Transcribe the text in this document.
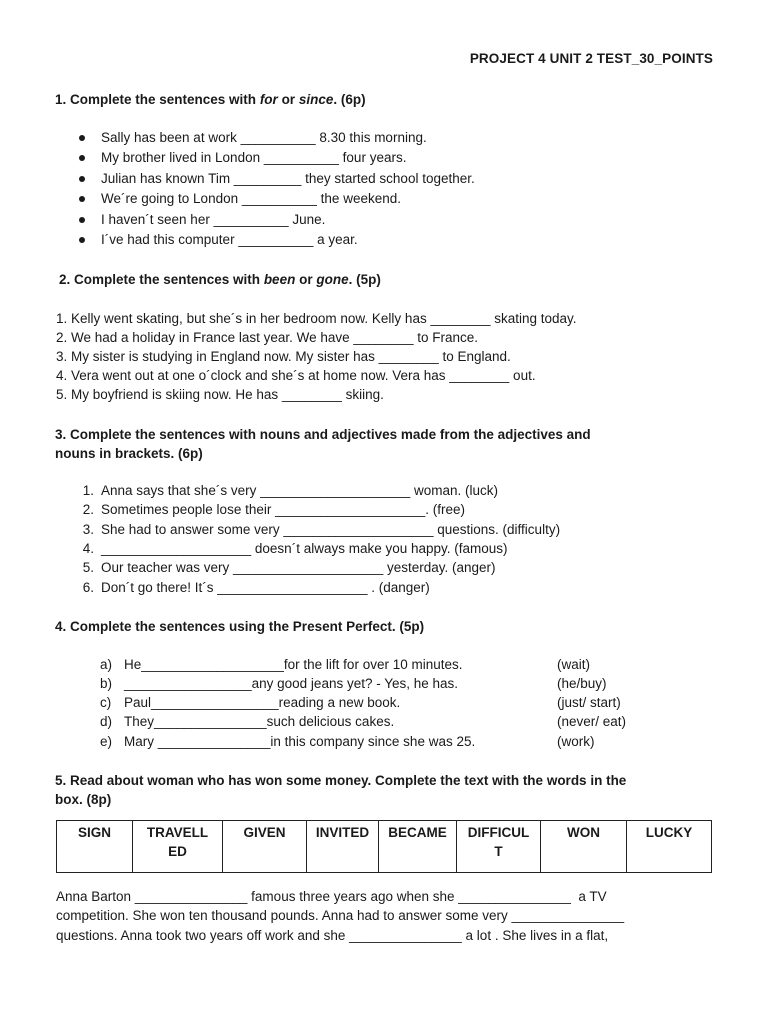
PROJECT 4 UNIT 2 TEST_30_POINTS
1. Complete the sentences with for or since. (6p)
Sally has been at work __________ 8.30 this morning.
My brother lived in London __________ four years.
Julian has known Tim _________ they started school together.
We´re going to London __________ the weekend.
I haven´t seen her __________ June.
I´ve had this computer __________ a year.
2. Complete the sentences with been or gone. (5p)
1. Kelly went skating, but she´s in her bedroom now. Kelly has ________ skating today.
2. We had a holiday in France last year. We have ________ to France.
3. My sister is studying in England now. My sister has ________ to England.
4. Vera went out at one o´clock and she´s at home now. Vera has ________ out.
5. My boyfriend is skiing now. He has ________ skiing.
3. Complete the sentences with nouns and adjectives made from the adjectives and
nouns in brackets. (6p)
1. Anna says that she´s very ____________________ woman. (luck)
2. Sometimes people lose their ____________________. (free)
3. She had to answer some very ____________________ questions. (difficulty)
4. ____________________ doesn´t always make you happy. (famous)
5. Our teacher was very ____________________ yesterday. (anger)
6. Don´t go there! It´s ____________________ . (danger)
4. Complete the sentences using the Present Perfect. (5p)
a) He___________________for the lift for over 10 minutes.	(wait)
b) _________________any good jeans yet? - Yes, he has.	(he/buy)
c) Paul_________________reading a new book.	(just/ start)
d) They_______________such delicious cakes.	(never/ eat)
e) Mary _______________in this company since she was 25.	(work)
5. Read about woman who has won some money. Complete the text with the words in the
box. (8p)
SIGN	TRAVELLED	GIVEN	INVITED	BECAME	DIFFICULT	WON	LUCKY
Anna Barton _______________ famous three years ago when she _______________  a TV
competition. She won ten thousand pounds. Anna had to answer some very _______________
questions. Anna took two years off work and she _______________ a lot . She lives in a flat,
